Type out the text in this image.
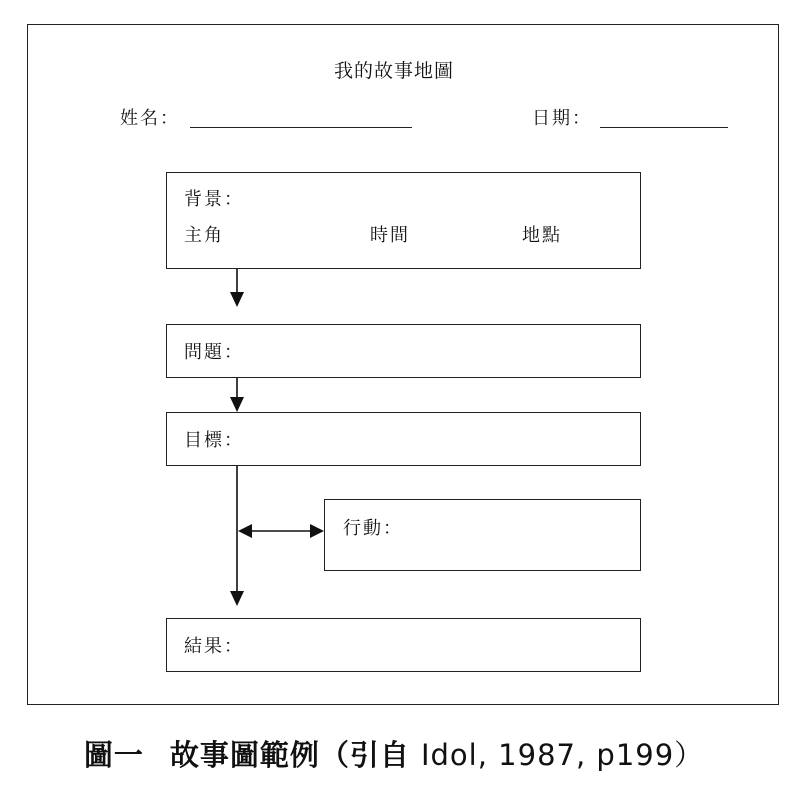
我的故事地圖
姓名：	日期：
背景：
主角	時間	地點
問題：
目標：
行動：
結果：
圖一 故事圖範例（引自 Idol, 1987, p199）
